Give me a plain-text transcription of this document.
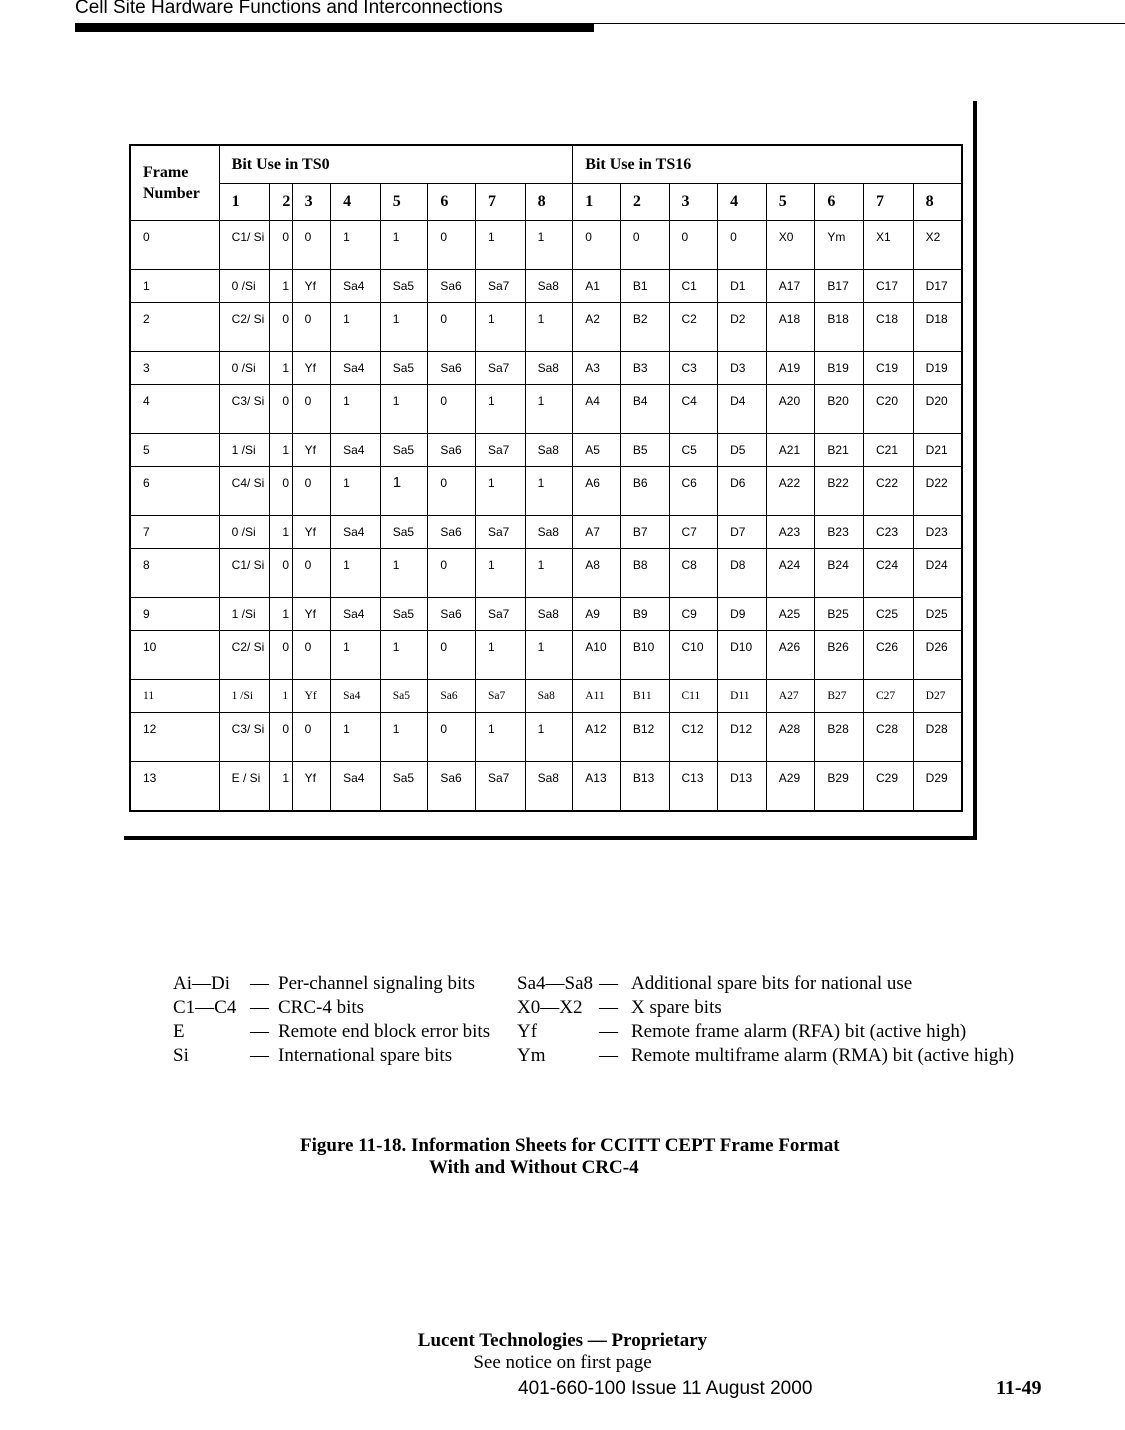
Cell Site Hardware Functions and Interconnections
Frame
Number	Bit Use in TS0								Bit Use in TS16							
	1	2	3	4	5	6	7	8	1	2	3	4	5	6	7	8
0	C1/ Si	0	0	1	1	0	1	1	0	0	0	0	X0	Ym	X1	X2
1	0 /Si	1	Yf	Sa4	Sa5	Sa6	Sa7	Sa8	A1	B1	C1	D1	A17	B17	C17	D17
2	C2/ Si	0	0	1	1	0	1	1	A2	B2	C2	D2	A18	B18	C18	D18
3	0 /Si	1	Yf	Sa4	Sa5	Sa6	Sa7	Sa8	A3	B3	C3	D3	A19	B19	C19	D19
4	C3/ Si	0	0	1	1	0	1	1	A4	B4	C4	D4	A20	B20	C20	D20
5	1 /Si	1	Yf	Sa4	Sa5	Sa6	Sa7	Sa8	A5	B5	C5	D5	A21	B21	C21	D21
6	C4/ Si	0	0	1	1	0	1	1	A6	B6	C6	D6	A22	B22	C22	D22
7	0 /Si	1	Yf	Sa4	Sa5	Sa6	Sa7	Sa8	A7	B7	C7	D7	A23	B23	C23	D23
8	C1/ Si	0	0	1	1	0	1	1	A8	B8	C8	D8	A24	B24	C24	D24
9	1 /Si	1	Yf	Sa4	Sa5	Sa6	Sa7	Sa8	A9	B9	C9	D9	A25	B25	C25	D25
10	C2/ Si	0	0	1	1	0	1	1	A10	B10	C10	D10	A26	B26	C26	D26
11	1 /Si	1	Yf	Sa4	Sa5	Sa6	Sa7	Sa8	A11	B11	C11	D11	A27	B27	C27	D27
12	C3/ Si	0	0	1	1	0	1	1	A12	B12	C12	D12	A28	B28	C28	D28
13	E / Si	1	Yf	Sa4	Sa5	Sa6	Sa7	Sa8	A13	B13	C13	D13	A29	B29	C29	D29
Ai—Di — Per-channel signaling bits Sa4—Sa8 — Additional spare bits for national use
C1—C4 — CRC-4 bits	X0—X2 — X spare bits
E	— Remote end block error bits Yf	— Remote frame alarm (RFA) bit (active high)
Si	— International spare bits	Ym	— Remote multiframe alarm (RMA) bit (active high)
Figure 11-18. Information Sheets for CCITT CEPT Frame Format
With and Without CRC-4
Lucent Technologies — Proprietary
See notice on first page
401-660-100 Issue 11 August 2000	11-49
